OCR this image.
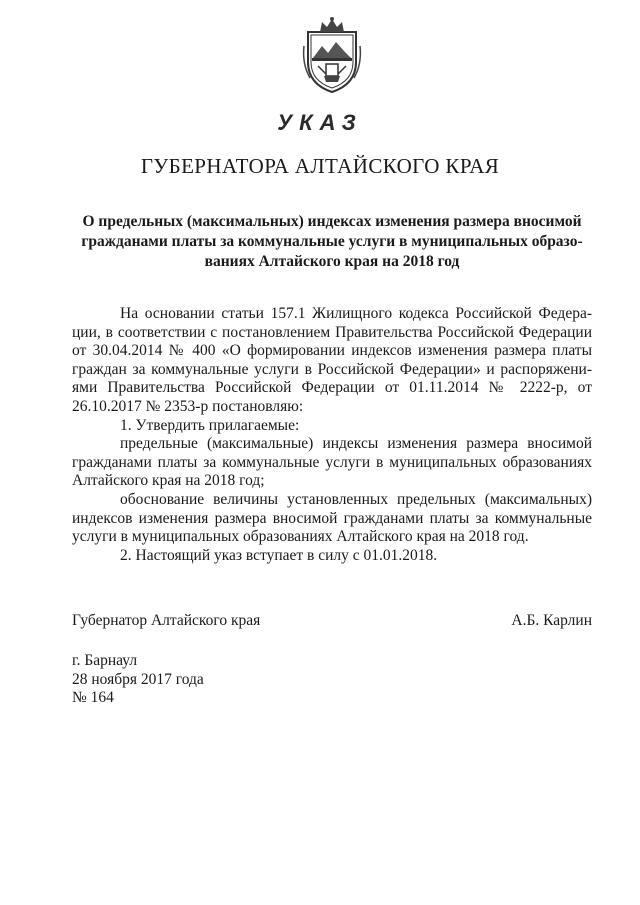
УКАЗ
ГУБЕРНАТОРА АЛТАЙСКОГО КРАЯ
О предельных (максимальных) индексах изменения размера вносимой
гражданами платы за коммунальные услуги в муниципальных образо-
ваниях Алтайского края на 2018 год
На основании статьи 157.1 Жилищного кодекса Российской Федера-
ции, в соответствии с постановлением Правительства Российской Федерации
от 30.04.2014 № 400 «О формировании индексов изменения размера платы
граждан за коммунальные услуги в Российской Федерации» и распоряжени-
ями Правительства Российской Федерации от 01.11.2014 № 2222-р, от
26.10.2017 № 2353-р постановляю:
1. Утвердить прилагаемые:
предельные (максимальные) индексы изменения размера вносимой гражданами платы за коммунальные услуги в муниципальных образованиях Алтайского края на 2018 год;
обоснование величины установленных предельных (максимальных) индексов изменения размера вносимой гражданами платы за коммунальные услуги в муниципальных образованиях Алтайского края на 2018 год.
2. Настоящий указ вступает в силу с 01.01.2018.
Губернатор Алтайского края	А.Б. Карлин
г. Барнаул
28 ноября 2017 года
№ 164
